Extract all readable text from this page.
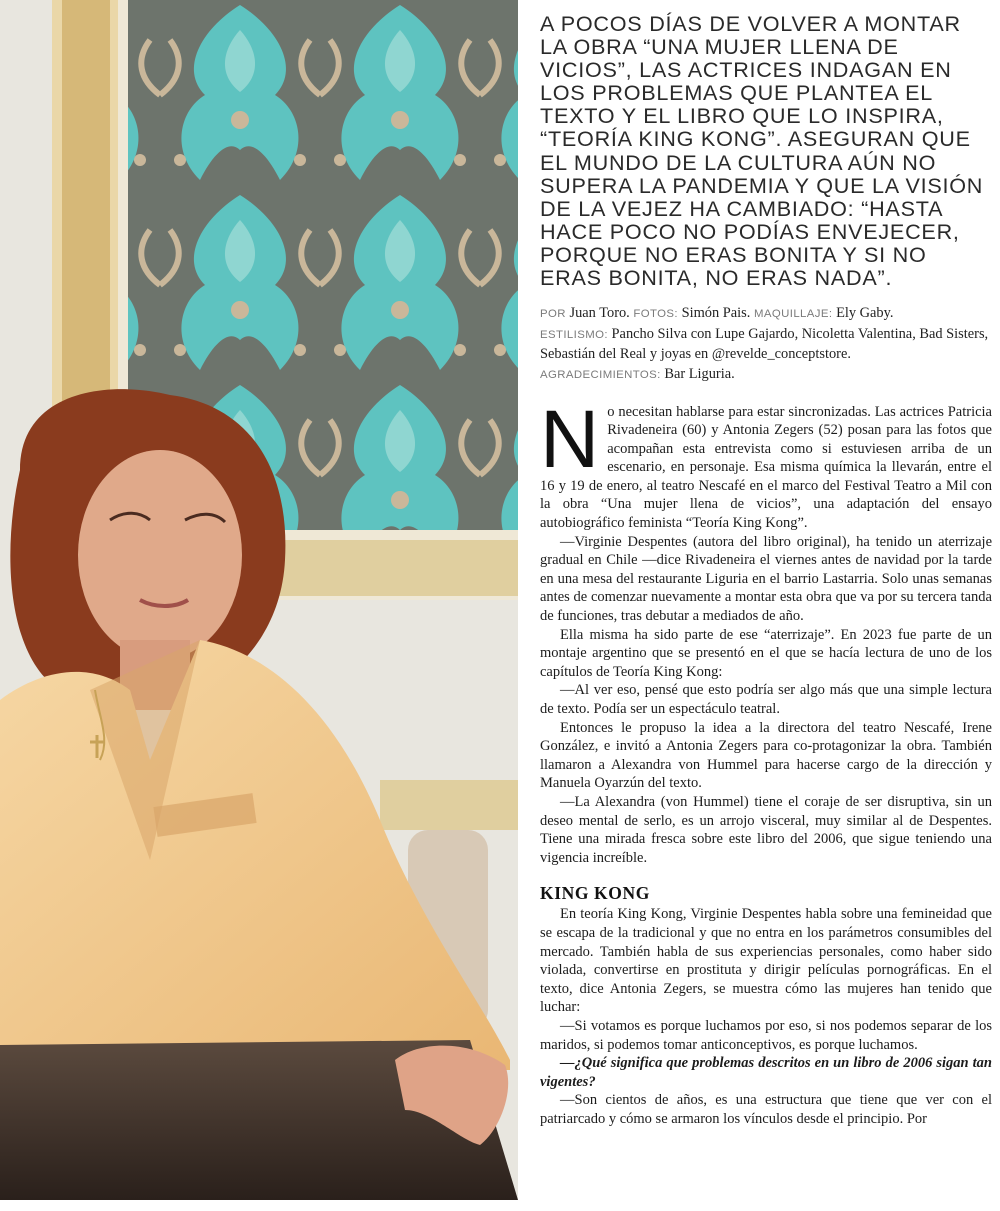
A POCOS DÍAS DE VOLVER A MONTAR LA OBRA “UNA MUJER LLENA DE VICIOS”, LAS ACTRICES INDAGAN EN LOS PROBLEMAS QUE PLANTEA EL TEXTO Y EL LIBRO QUE LO INSPIRA, “TEORÍA KING KONG”. ASEGURAN QUE EL MUNDO DE LA CULTURA AÚN NO SUPERA LA PANDEMIA Y QUE LA VISIÓN DE LA VEJEZ HA CAMBIADO: “HASTA HACE POCO NO PODÍAS ENVEJECER, PORQUE NO ERAS BONITA Y SI NO ERAS BONITA, NO ERAS NADA”.
POR Juan Toro. FOTOS: Simón Pais. MAQUILLAJE: Ely Gaby.
ESTILISMO: Pancho Silva con Lupe Gajardo, Nicoletta Valentina, Bad Sisters, Sebastián del Real y joyas en @revelde_conceptstore.
AGRADECIMIENTOS: Bar Liguria.

No necesitan hablarse para estar sincronizadas. Las actrices Patricia Rivadeneira (60) y Antonia Zegers (52) posan para las fotos que acompañan esta entrevista como si estuviesen arriba de un escenario, en personaje. Esa misma química la llevarán, entre el 16 y 19 de enero, al teatro Nescafé en el marco del Festival Teatro a Mil con la obra “Una mujer llena de vicios”, una adaptación del ensayo autobiográfico feminista “Teoría King Kong”.

—Virginie Despentes (autora del libro original), ha tenido un aterrizaje gradual en Chile —dice Rivadeneira el viernes antes de navidad por la tarde en una mesa del restaurante Liguria en el barrio Lastarria. Solo unas semanas antes de comenzar nuevamente a montar esta obra que va por su tercera tanda de funciones, tras debutar a mediados de año.

Ella misma ha sido parte de ese “aterrizaje”. En 2023 fue parte de un montaje argentino que se presentó en el que se hacía lectura de uno de los capítulos de Teoría King Kong:

—Al ver eso, pensé que esto podría ser algo más que una simple lectura de texto. Podía ser un espectáculo teatral.

Entonces le propuso la idea a la directora del teatro Nescafé, Irene González, e invitó a Antonia Zegers para co-protagonizar la obra. También llamaron a Alexandra von Hummel para hacerse cargo de la dirección y Manuela Oyarzún del texto.

—La Alexandra (von Hummel) tiene el coraje de ser disruptiva, sin un deseo mental de serlo, es un arrojo visceral, muy similar al de Despentes. Tiene una mirada fresca sobre este libro del 2006, que sigue teniendo una vigencia increíble.

KING KONG

En teoría King Kong, Virginie Despentes habla sobre una femineidad que se escapa de la tradicional y que no entra en los parámetros consumibles del mercado. También habla de sus experiencias personales, como haber sido violada, convertirse en prostituta y dirigir películas pornográficas. En el texto, dice Antonia Zegers, se muestra cómo las mujeres han tenido que luchar:

—Si votamos es porque luchamos por eso, si nos podemos separar de los maridos, si podemos tomar anticonceptivos, es porque luchamos.

—¿Qué significa que problemas descritos en un libro de 2006 sigan tan vigentes?

—Son cientos de años, es una estructura que tiene que ver con el patriarcado y cómo se armaron los vínculos desde el principio. Por
